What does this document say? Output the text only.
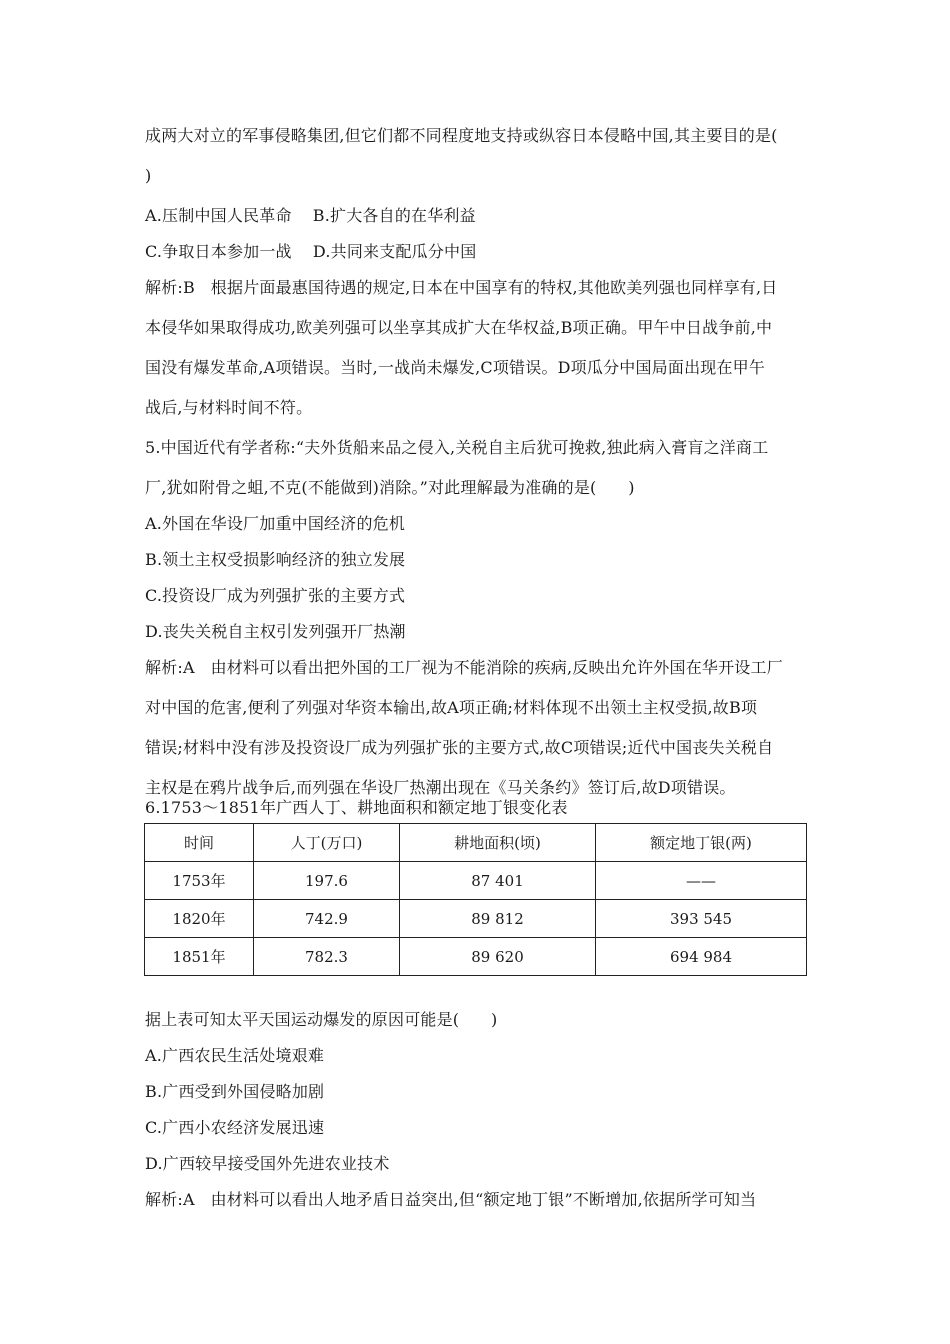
成两大对立的军事侵略集团,但它们都不同程度地支持或纵容日本侵略中国,其主要目的是(
)
A.压制中国人民革命    B.扩大各自的在华利益
C.争取日本参加一战    D.共同来支配瓜分中国
解析:B   根据片面最惠国待遇的规定,日本在中国享有的特权,其他欧美列强也同样享有,日
本侵华如果取得成功,欧美列强可以坐享其成扩大在华权益,B项正确。甲午中日战争前,中
国没有爆发革命,A项错误。当时,一战尚未爆发,C项错误。D项瓜分中国局面出现在甲午
战后,与材料时间不符。
5.中国近代有学者称:“夫外货船来品之侵入,关税自主后犹可挽救,独此病入膏肓之洋商工
厂,犹如附骨之蛆,不克(不能做到)消除。”对此理解最为准确的是(      )
A.外国在华设厂加重中国经济的危机
B.领土主权受损影响经济的独立发展
C.投资设厂成为列强扩张的主要方式
D.丧失关税自主权引发列强开厂热潮
解析:A   由材料可以看出把外国的工厂视为不能消除的疾病,反映出允许外国在华开设工厂
对中国的危害,便利了列强对华资本输出,故A项正确;材料体现不出领土主权受损,故B项
错误;材料中没有涉及投资设厂成为列强扩张的主要方式,故C项错误;近代中国丧失关税自
主权是在鸦片战争后,而列强在华设厂热潮出现在《马关条约》签订后,故D项错误。
6.1753～1851年广西人丁、耕地面积和额定地丁银变化表
时间	人丁(万口)	耕地面积(顷)	额定地丁银(两)
1753年	197.6	87 401	——
1820年	742.9	89 812	393 545
1851年	782.3	89 620	694 984
据上表可知太平天国运动爆发的原因可能是(      )
A.广西农民生活处境艰难
B.广西受到外国侵略加剧
C.广西小农经济发展迅速
D.广西较早接受国外先进农业技术
解析:A   由材料可以看出人地矛盾日益突出,但“额定地丁银”不断增加,依据所学可知当
